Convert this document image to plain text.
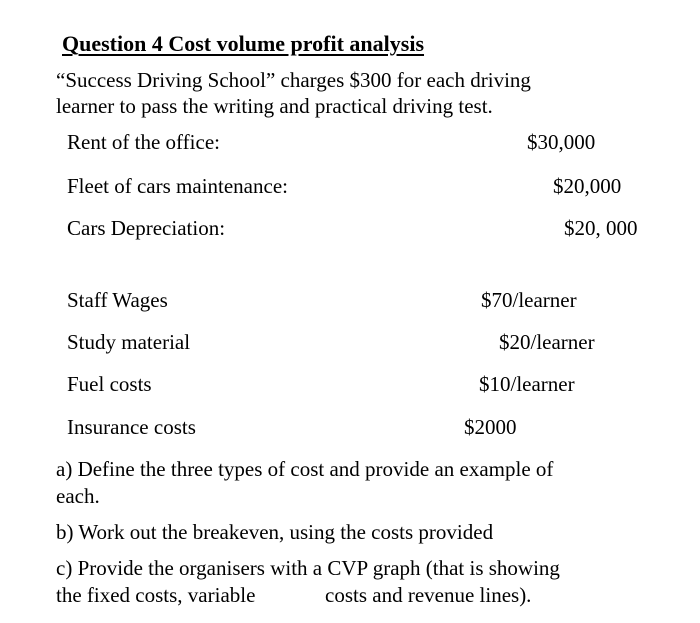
Question 4 Cost volume profit analysis
“Success Driving School” charges $300 for each driving
learner to pass the writing and practical driving test.
Rent of the office:	$30,000
Fleet of cars maintenance:	$20,000
Cars Depreciation:	$20, 000
Staff Wages	$70/learner
Study material	$20/learner
Fuel costs	$10/learner
Insurance costs	$2000
a) Define the three types of cost and provide an example of
each.
b) Work out the breakeven, using the costs provided
c) Provide the organisers with a CVP graph (that is showing
the fixed costs, variable	costs and revenue lines).
